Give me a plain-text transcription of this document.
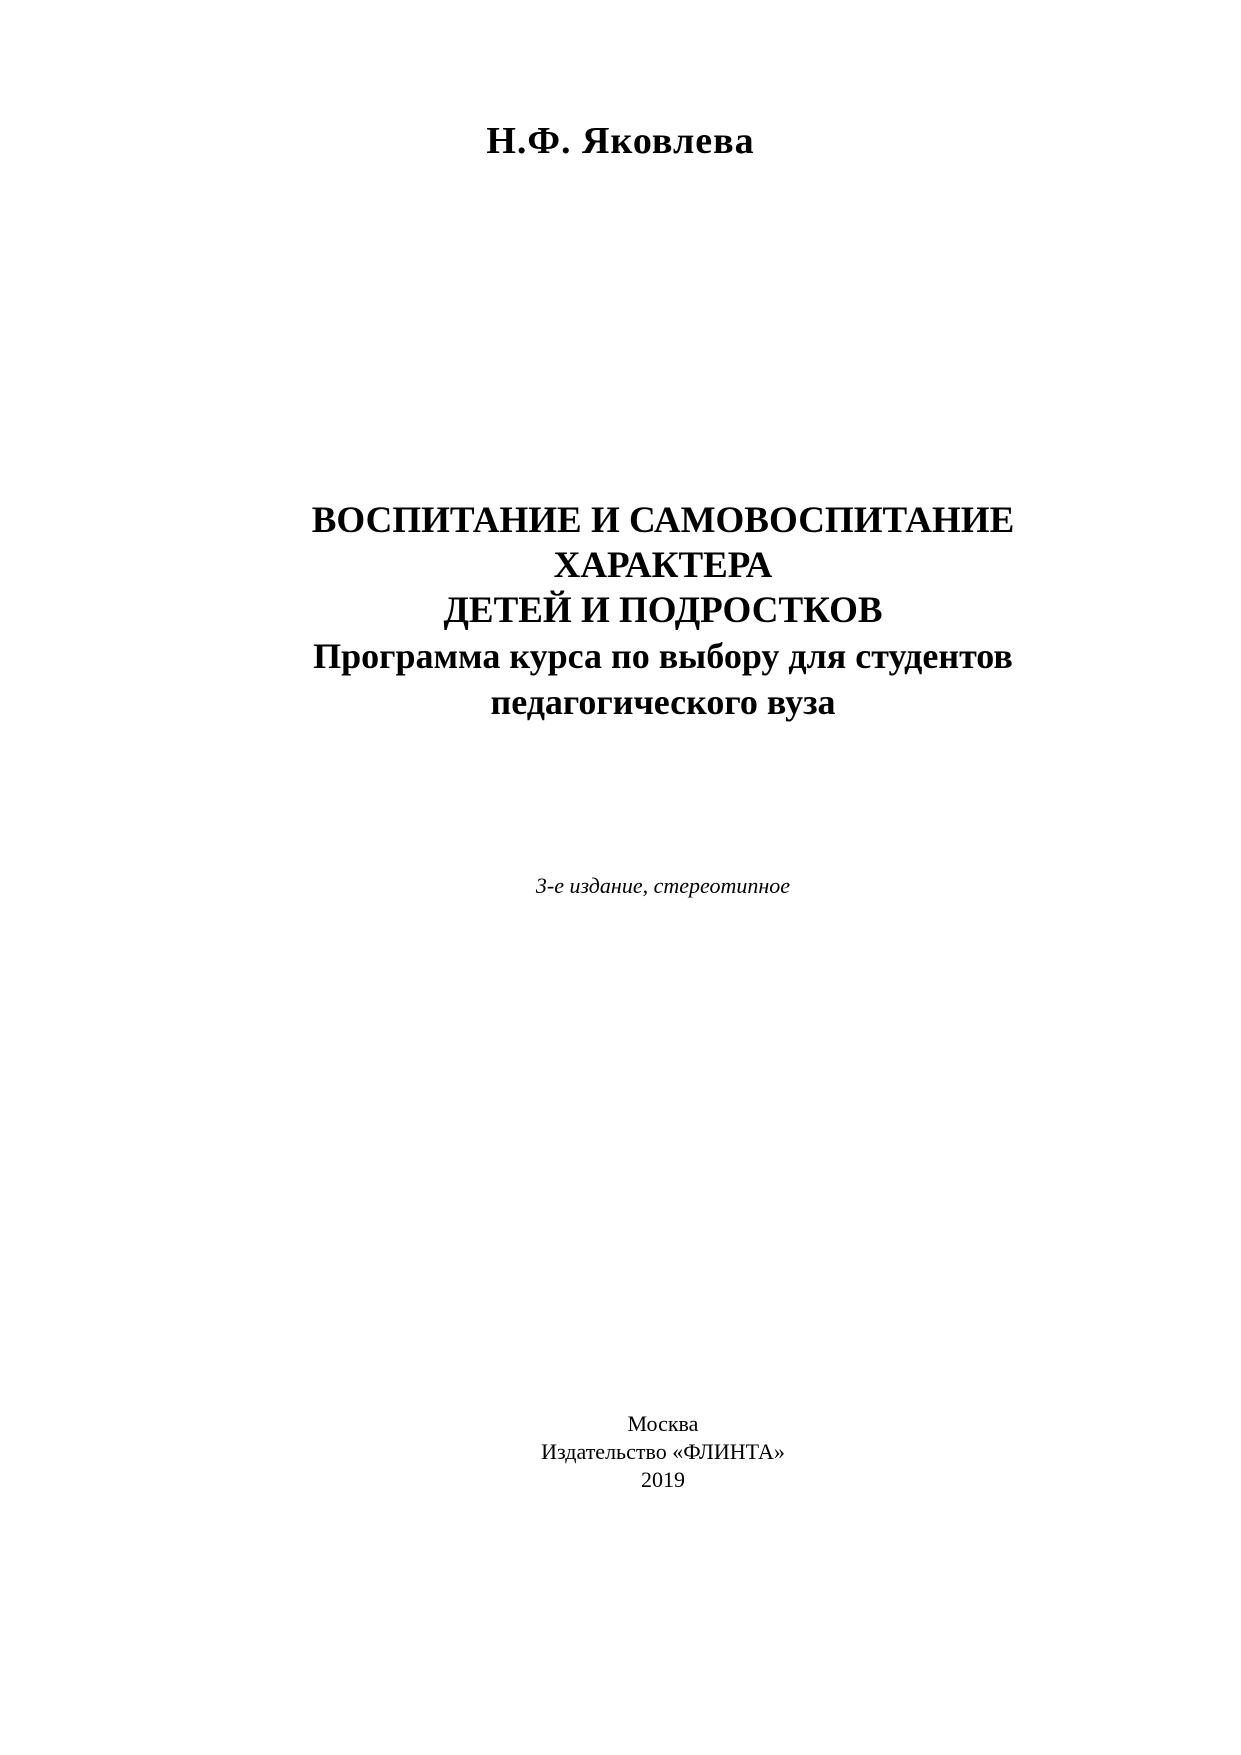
Н.Ф. Яковлева
ВОСПИТАНИЕ И САМОВОСПИТАНИЕ
ХАРАКТЕРА
ДЕТЕЙ И ПОДРОСТКОВ
Программа курса по выбору для студентов
педагогического вуза
3-е издание, стереотипное
Москва
Издательство «ФЛИНТА»
2019
